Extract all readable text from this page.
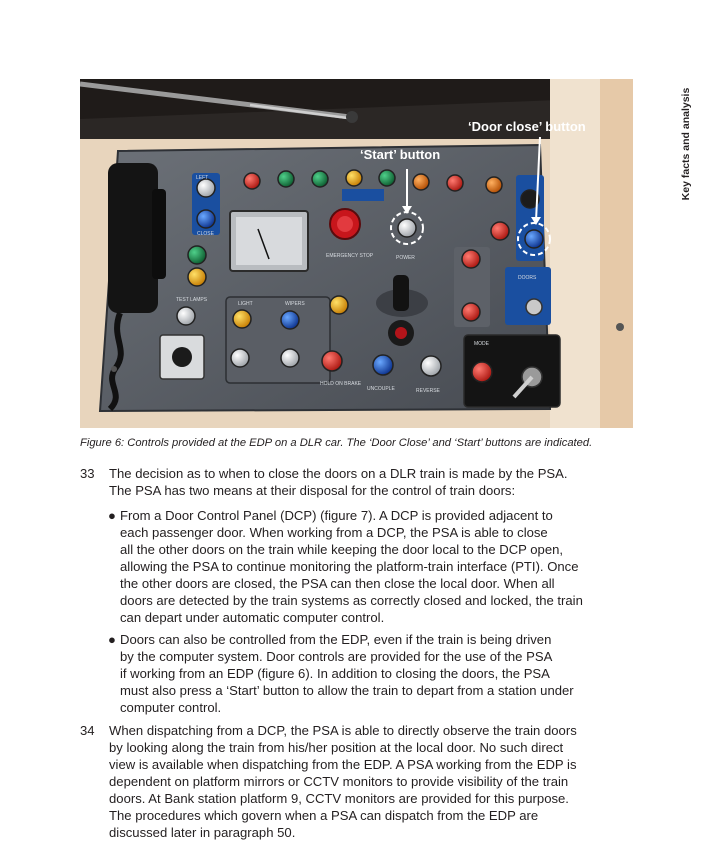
Key facts and analysis
LEFT
CLOSE
EMERGENCY STOP	POWER
DOORS
LIGHT	WIPERS
TEST LAMPS
HOLD ON BRAKE
UNCOUPLE	REVERSE
MODE
‘Door close’ button
‘Start’ button
Figure 6: Controls provided at the EDP on a DLR car. The ‘Door Close’ and ‘Start’ buttons are indicated.
33 The decision as to when to close the doors on a DLR train is made by the PSA.
The PSA has two means at their disposal for the control of train doors:
● From a Door Control Panel (DCP) (figure 7). A DCP is provided adjacent to
each passenger door. When working from a DCP, the PSA is able to close
all the other doors on the train while keeping the door local to the DCP open,
allowing the PSA to continue monitoring the platform-train interface (PTI). Once
the other doors are closed, the PSA can then close the local door. When all
doors are detected by the train systems as correctly closed and locked, the train
can depart under automatic computer control.
● Doors can also be controlled from the EDP, even if the train is being driven
by the computer system. Door controls are provided for the use of the PSA
if working from an EDP (figure 6). In addition to closing the doors, the PSA
must also press a ‘Start’ button to allow the train to depart from a station under
computer control.
34 When dispatching from a DCP, the PSA is able to directly observe the train doors
by looking along the train from his/her position at the local door. No such direct
view is available when dispatching from the EDP. A PSA working from the EDP is
dependent on platform mirrors or CCTV monitors to provide visibility of the train
doors. At Bank station platform 9, CCTV monitors are provided for this purpose.
The procedures which govern when a PSA can dispatch from the EDP are
discussed later in paragraph 50.
